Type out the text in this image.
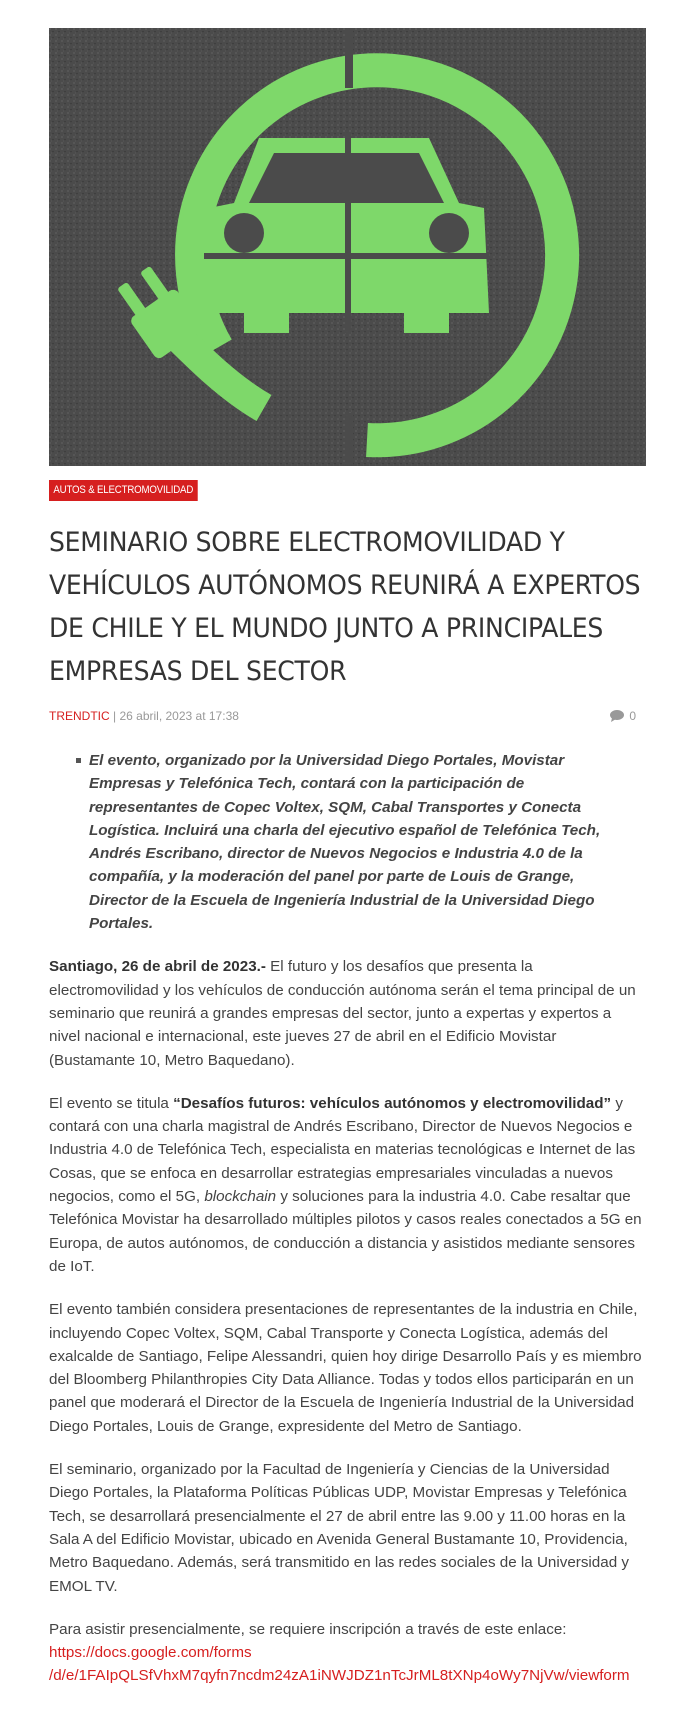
AUTOS & ELECTROMOVILIDAD
SEMINARIO SOBRE ELECTROMOVILIDAD Y VEHÍCULOS AUTÓNOMOS REUNIRÁ A EXPERTOS DE CHILE Y EL MUNDO JUNTO A PRINCIPALES EMPRESAS DEL SECTOR
TRENDTIC | 26 abril, 2023 at 17:38	0
El evento, organizado por la Universidad Diego Portales, Movistar Empresas y Telefónica Tech, contará con la participación de representantes de Copec Voltex, SQM, Cabal Transportes y Conecta Logística. Incluirá una charla del ejecutivo español de Telefónica Tech, Andrés Escribano, director de Nuevos Negocios e Industria 4.0 de la compañía, y la moderación del panel por parte de Louis de Grange, Director de la Escuela de Ingeniería Industrial de la Universidad Diego Portales.

Santiago, 26 de abril de 2023.- El futuro y los desafíos que presenta la electromovilidad y los vehículos de conducción autónoma serán el tema principal de un seminario que reunirá a grandes empresas del sector, junto a expertas y expertos a nivel nacional e internacional, este jueves 27 de abril en el Edificio Movistar (Bustamante 10, Metro Baquedano).

El evento se titula “Desafíos futuros: vehículos autónomos y electromovilidad” y contará con una charla magistral de Andrés Escribano, Director de Nuevos Negocios e Industria 4.0 de Telefónica Tech, especialista en materias tecnológicas e Internet de las Cosas, que se enfoca en desarrollar estrategias empresariales vinculadas a nuevos negocios, como el 5G, blockchain y soluciones para la industria 4.0. Cabe resaltar que Telefónica Movistar ha desarrollado múltiples pilotos y casos reales conectados a 5G en Europa, de autos autónomos, de conducción a distancia y asistidos mediante sensores de IoT.

El evento también considera presentaciones de representantes de la industria en Chile, incluyendo Copec Voltex, SQM, Cabal Transporte y Conecta Logística, además del exalcalde de Santiago, Felipe Alessandri, quien hoy dirige Desarrollo País y es miembro del Bloomberg Philanthropies City Data Alliance. Todas y todos ellos participarán en un panel que moderará el Director de la Escuela de Ingeniería Industrial de la Universidad Diego Portales, Louis de Grange, expresidente del Metro de Santiago.

El seminario, organizado por la Facultad de Ingeniería y Ciencias de la Universidad Diego Portales, la Plataforma Políticas Públicas UDP, Movistar Empresas y Telefónica Tech, se desarrollará presencialmente el 27 de abril entre las 9.00 y 11.00 horas en la Sala A del Edificio Movistar, ubicado en Avenida General Bustamante 10, Providencia, Metro Baquedano. Además, será transmitido en las redes sociales de la Universidad y EMOL TV.

Para asistir presencialmente, se requiere inscripción a través de este enlace: https://docs.google.com/forms
/d/e/1FAIpQLSfVhxM7qyfn7ncdm24zA1iNWJDZ1nTcJrML8tXNp4oWy7NjVw/viewform
